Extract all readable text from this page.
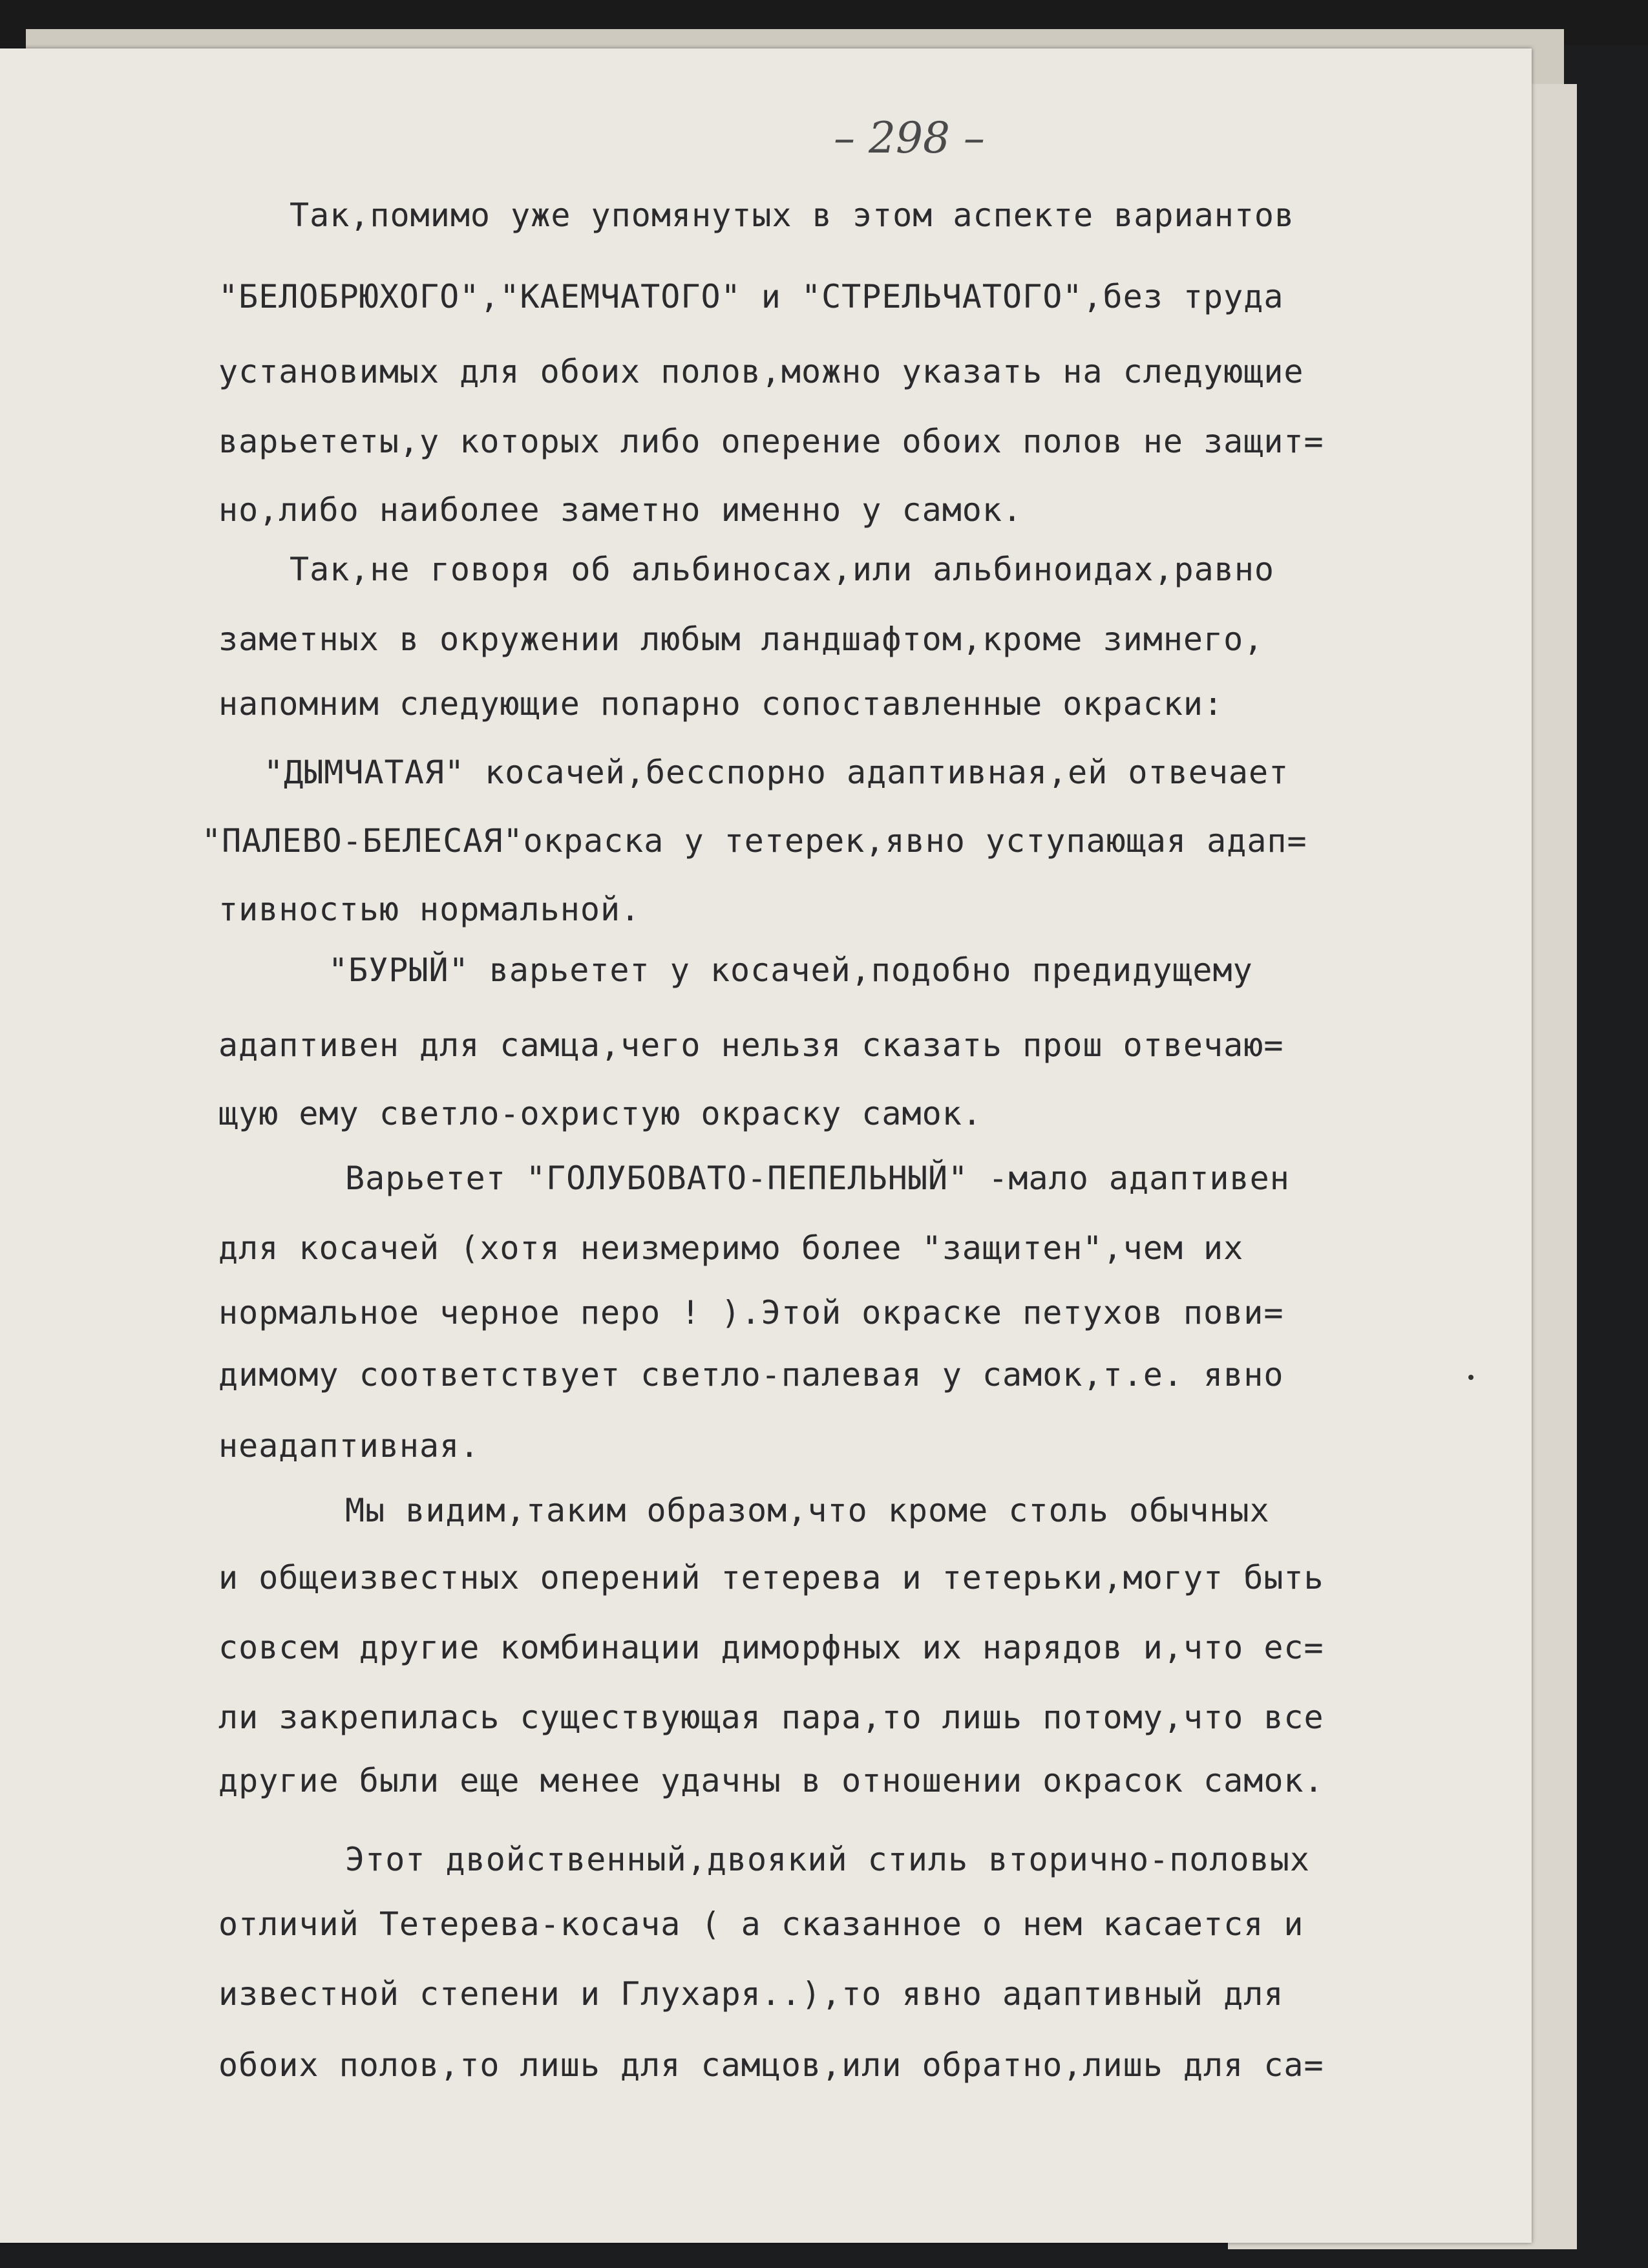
– 298 –

Так,помимо уже упомянутых в этом аспекте вариантов

"БЕЛОБРЮХОГО","КАЕМЧАТОГО" и "СТРЕЛЬЧАТОГО",без труда

установимых для обоих полов,можно указать на следующие

варьететы,у которых либо оперение обоих полов не защит=

но,либо наиболее заметно именно у самок.

Так,не говоря об альбиносах,или альбиноидах,равно

заметных в окружении любым ландшафтом,кроме зимнего,

напомним следующие попарно сопоставленные окраски:

"ДЫМЧАТАЯ" косачей,бесспорно адаптивная,ей отвечает

"ПАЛЕВО-БЕЛЕСАЯ"окраска у тетерек,явно уступающая адап=

тивностью нормальной.

"БУРЫЙ" варьетет у косачей,подобно предидущему

адаптивен для самца,чего нельзя сказать прош отвечаю=

щую ему светло-охристую окраску самок.

Варьетет "ГОЛУБОВАТО-ПЕПЕЛЬНЫЙ" -мало адаптивен

для косачей (хотя неизмеримо более "защитен",чем их

нормальное черное перо ! ).Этой окраске петухов пови=

димому соответствует светло-палевая у самок,т.е. явно

неадаптивная.

Мы видим,таким образом,что кроме столь обычных

и общеизвестных оперений тетерева и тетерьки,могут быть

совсем другие комбинации диморфных их нарядов и,что ес=

ли закрепилась существующая пара,то лишь потому,что все

другие были еще менее удачны в отношении окрасок самок.

Этот двойственный,двоякий стиль вторично-половых

отличий Тетерева-косача ( а сказанное о нем касается и

известной степени и Глухаря..),то явно адаптивный для

обоих полов,то лишь для самцов,или обратно,лишь для са=
